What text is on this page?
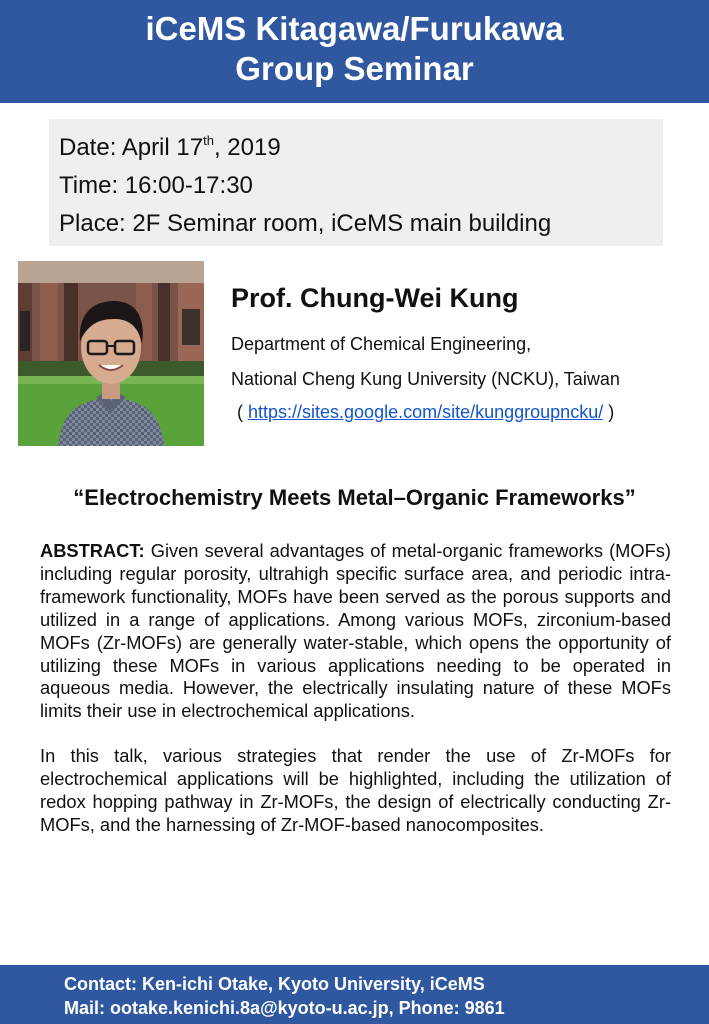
iCeMS Kitagawa/Furukawa
Group Seminar
Date: April 17th, 2019
Time: 16:00-17:30
Place: 2F Seminar room, iCeMS main building
Prof. Chung-Wei Kung
Department of Chemical Engineering,
National Cheng Kung University (NCKU), Taiwan
( https://sites.google.com/site/kunggroupncku/ )
“Electrochemistry Meets Metal–Organic Frameworks”

ABSTRACT: Given several advantages of metal-organic frameworks (MOFs) including regular porosity, ultrahigh specific surface area, and periodic intra-framework functionality, MOFs have been served as the porous supports and utilized in a range of applications. Among various MOFs, zirconium-based MOFs (Zr-MOFs) are generally water-stable, which opens the opportunity of utilizing these MOFs in various applications needing to be operated in aqueous media. However, the electrically insulating nature of these MOFs limits their use in electrochemical applications.

In this talk, various strategies that render the use of Zr-MOFs for electrochemical applications will be highlighted, including the utilization of redox hopping pathway in Zr-MOFs, the design of electrically conducting Zr-MOFs, and the harnessing of Zr-MOF-based nanocomposites.

Contact: Ken-ichi Otake, Kyoto University, iCeMS
Mail: ootake.kenichi.8a@kyoto-u.ac.jp, Phone: 9861
